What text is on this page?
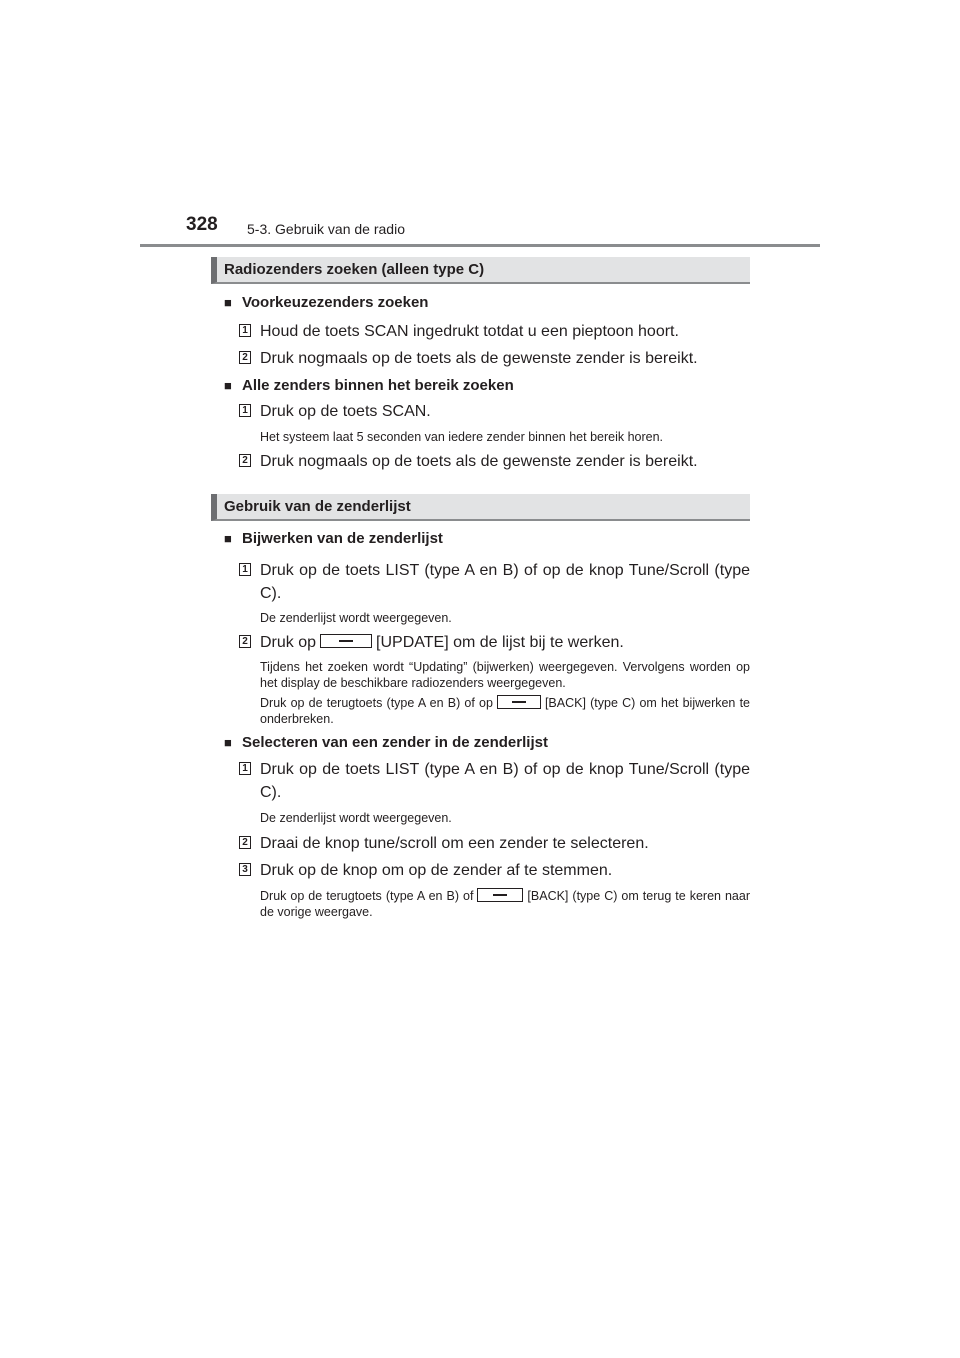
328 5-3. Gebruik van de radio
Radiozenders zoeken (alleen type C)
■ Voorkeuzezenders zoeken
1 Houd de toets SCAN ingedrukt totdat u een pieptoon hoort.
2 Druk nogmaals op de toets als de gewenste zender is bereikt.
■ Alle zenders binnen het bereik zoeken
1 Druk op de toets SCAN.
Het systeem laat 5 seconden van iedere zender binnen het bereik horen.
2 Druk nogmaals op de toets als de gewenste zender is bereikt.
Gebruik van de zenderlijst
■ Bijwerken van de zenderlijst
1 Druk op de toets LIST (type A en B) of op de knop Tune/Scroll (type C).
De zenderlijst wordt weergegeven.
2 Druk op	[UPDATE] om de lijst bij te werken.
Tijdens het zoeken wordt “Updating” (bijwerken) weergegeven. Vervolgens worden op het display de beschikbare radiozenders weergegeven.
Druk op de terugtoets (type A en B) of op	[BACK] (type C) om het bijwerken te onderbreken.
■ Selecteren van een zender in de zenderlijst
1 Druk op de toets LIST (type A en B) of op de knop Tune/Scroll (type C).
De zenderlijst wordt weergegeven.
2 Draai de knop tune/scroll om een zender te selecteren.
3 Druk op de knop om op de zender af te stemmen.
Druk op de terugtoets (type A en B) of	[BACK] (type C) om terug te keren naar de vorige weergave.
